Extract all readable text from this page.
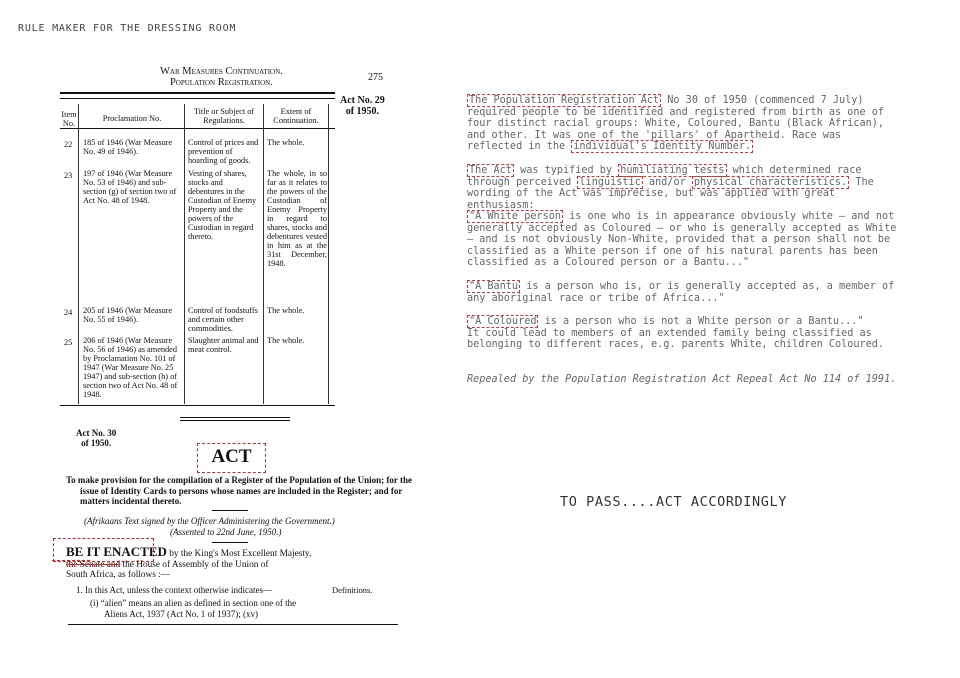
RULE MAKER FOR THE DRESSING ROOM
War Measures Continuation.
Population Registration.	275
Act No. 29
of 1950.
Item No.
Proclamation No.
Title or Subject of Regulations.
Extent of Continuation.
22 185 of 1946 (War Measure No. 49 of 1946).
Control of prices and prevention of hoarding of goods.
The whole.
23 197 of 1946 (War Measure No. 53 of 1946) and sub-section (g) of section two of Act No. 48 of 1948.
Vesting of shares, stocks and debentures in the Custodian of Enemy Property and the powers of the Custodian in regard thereto.
The whole, in so far as it relates to the powers of the Custodian of Enemy Property in regard to shares, stocks and debentures vested in him as at the 31st December, 1948.
24 205 of 1946 (War Measure No. 55 of 1946).
Control of foodstuffs and certain other commodities.
The whole.
25 206 of 1946 (War Measure No. 56 of 1946) as amended by Proclamation No. 101 of 1947 (War Measure No. 25 1947) and sub-section (h) of section two of Act No. 48 of 1948.
Slaughter animal and meat control.
The whole.
Act No. 30
of 1950.
ACT
To make provision for the compilation of a Register of the Population of the Union; for the issue of Identity Cards to persons whose names are included in the Register; and for matters incidental thereto.
(Afrikaans Text signed by the Officer Administering the Government.)
(Assented to 22nd June, 1950.)
BE IT ENACTED by the King's Most Excellent Majesty,
the Senate and the House of Assembly of the Union of
South Africa, as follows :—
1. In this Act, unless the context otherwise indicates—	Definitions.
(i) “alien” means an alien as defined in section one of the
Aliens Act, 1937 (Act No. 1 of 1937); (xv)
The Population Registration Act No 30 of 1950 (commenced 7 July) required people to be identified and registered from birth as one of four distinct racial groups: White, Coloured, Bantu (Black African), and other. It was one of the 'pillars' of Apartheid. Race was reflected in the individual's Identity Number.
The Act was typified by humiliating tests which determined race through perceived linguistic and/or physical characteristics. The wording of the Act was imprecise, but was applied with great enthusiasm:
"A White person is one who is in appearance obviously white – and not generally accepted as Coloured – or who is generally accepted as White – and is not obviously Non-White, provided that a person shall not be classified as a White person if one of his natural parents has been classified as a Coloured person or a Bantu..."
"A Bantu is a person who is, or is generally accepted as, a member of any aboriginal race or tribe of Africa..."
"A Coloured is a person who is not a White person or a Bantu..."
It could lead to members of an extended family being classified as belonging to different races, e.g. parents White, children Coloured.
Repealed by the Population Registration Act Repeal Act No 114 of 1991.
TO PASS....ACT ACCORDINGLY
